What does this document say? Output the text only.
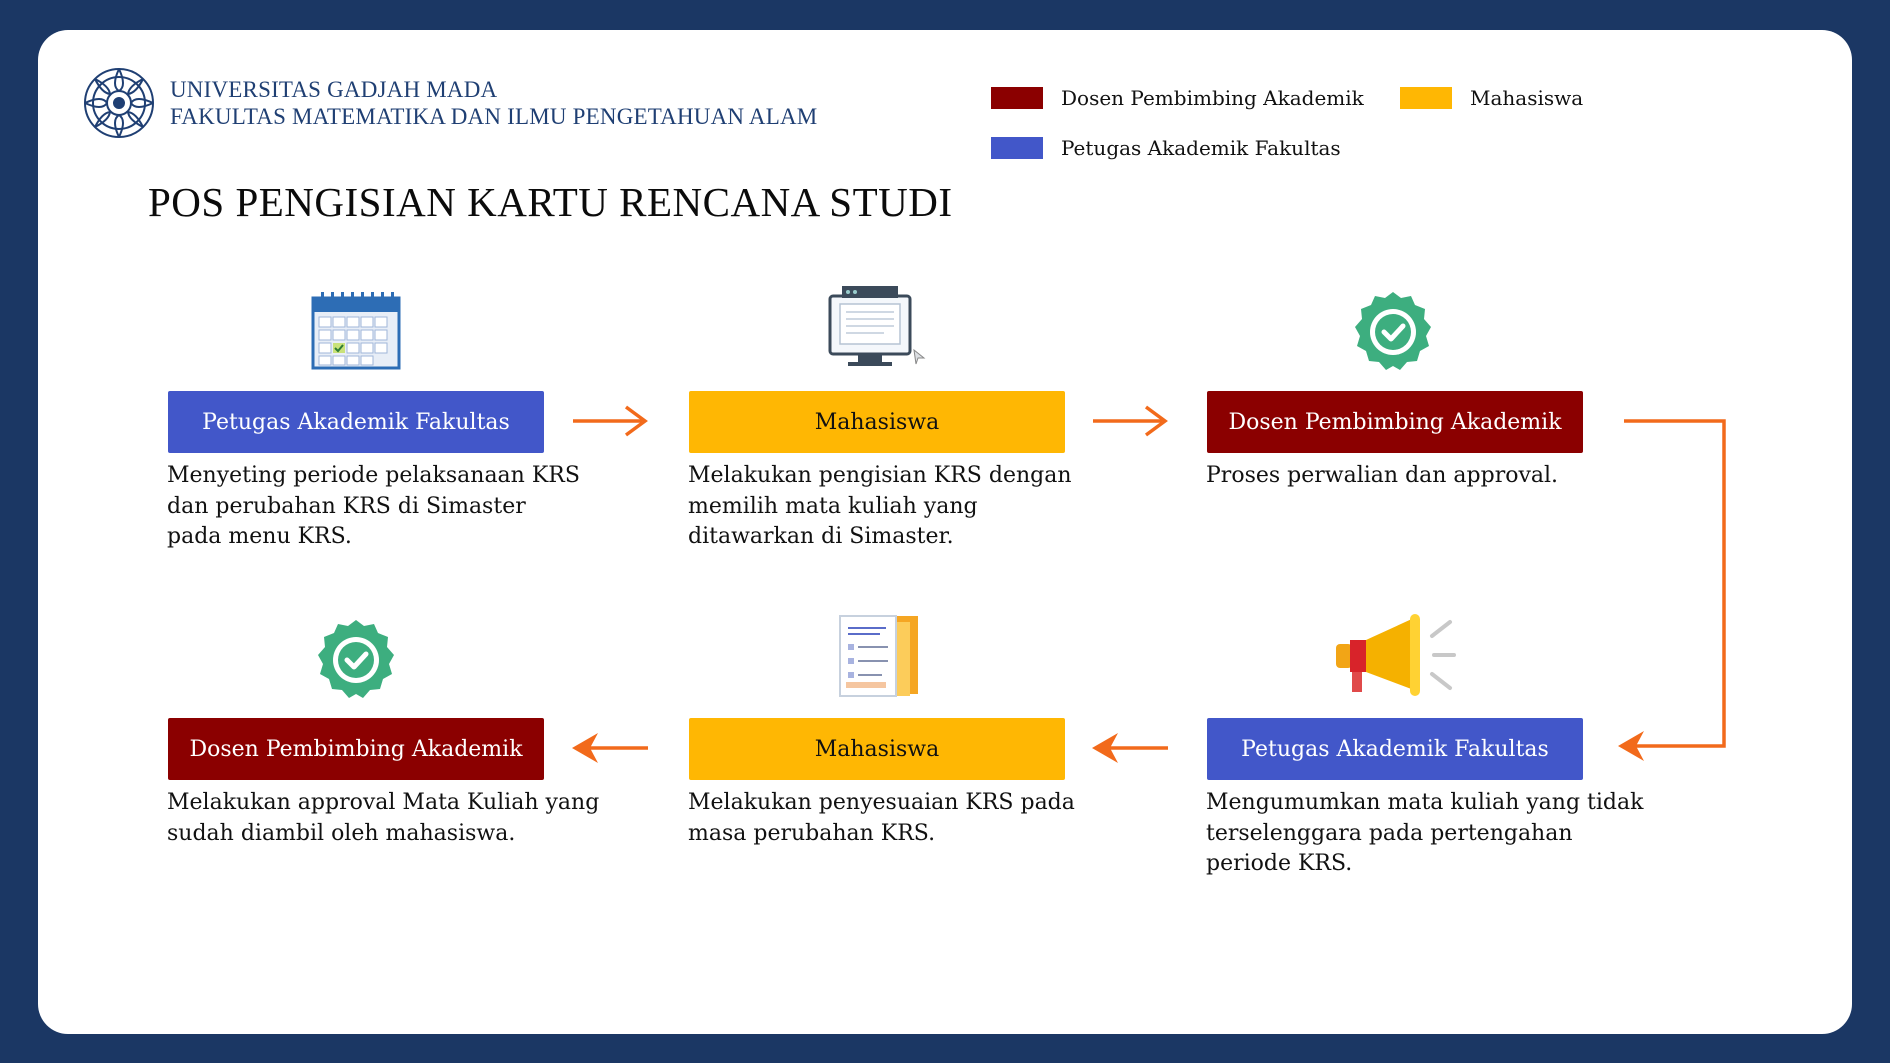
UNIVERSITAS GADJAH MADA
FAKULTAS MATEMATIKA DAN ILMU PENGETAHUAN ALAM
Dosen Pembimbing Akademik	Mahasiswa
Petugas Akademik Fakultas
POS PENGISIAN KARTU RENCANA STUDI
Petugas Akademik Fakultas	Mahasiswa	Dosen Pembimbing Akademik
Petugas Akademik Fakultas
Mahasiswa
Dosen Pembimbing Akademik
Menyeting periode pelaksanaan KRS dan perubahan KRS di Simaster pada menu KRS.
Melakukan pengisian KRS dengan memilih mata kuliah yang ditawarkan di Simaster.
Proses perwalian dan approval.
Mengumumkan mata kuliah yang tidak terselenggara pada pertengahan periode KRS.
Melakukan penyesuaian KRS pada masa perubahan KRS.
Melakukan approval Mata Kuliah yang sudah diambil oleh mahasiswa.
